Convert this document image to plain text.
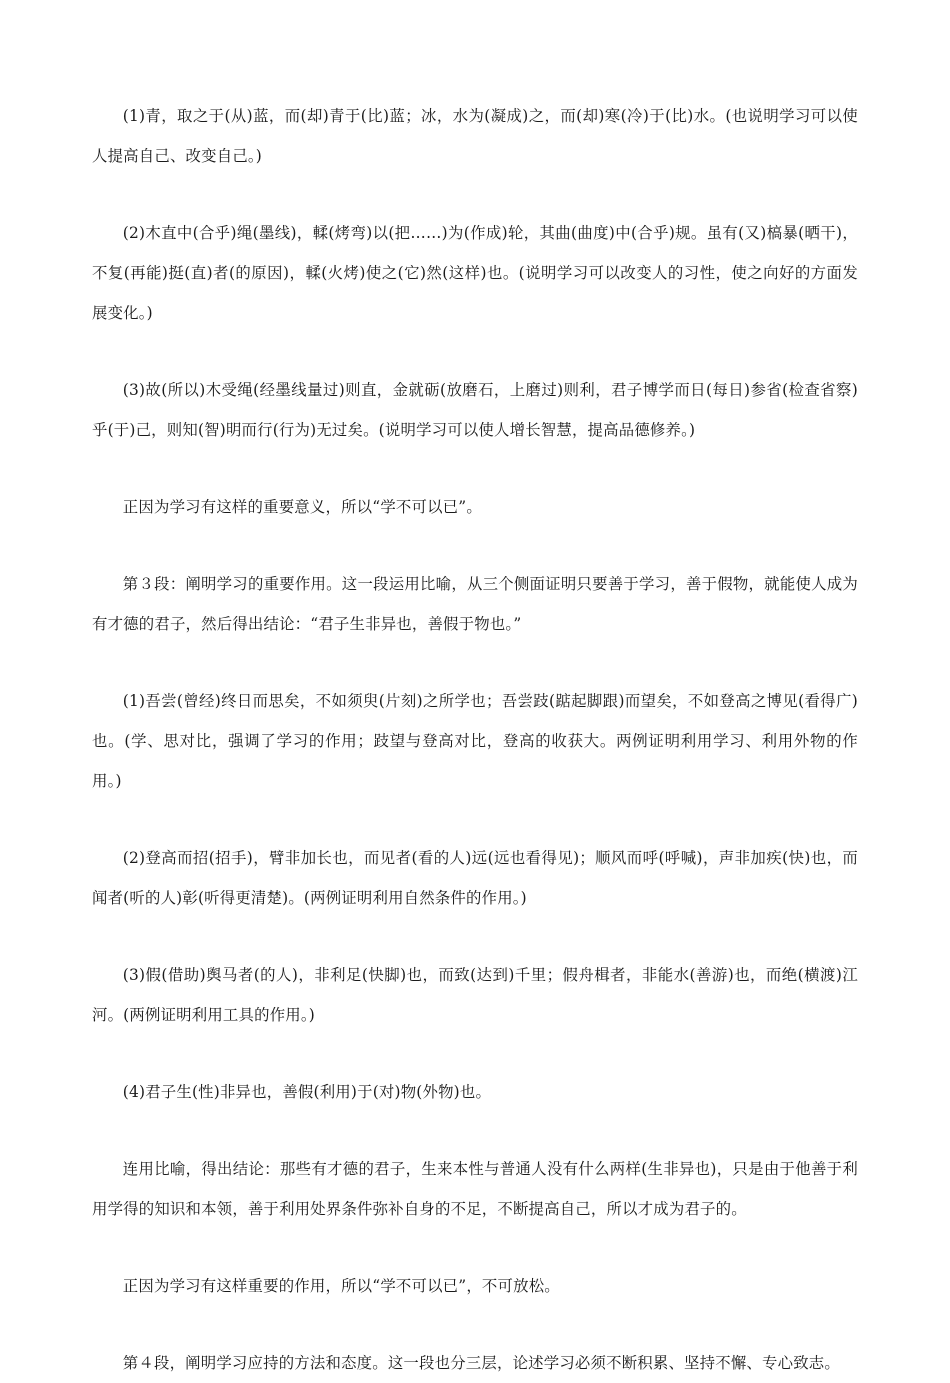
(1)青，取之于(从)蓝，而(却)青于(比)蓝；冰，水为(凝成)之，而(却)寒(冷)于(比)水。(也说明学习可以使人提高自己、改变自己。)

(2)木直中(合乎)绳(墨线)，輮(烤弯)以(把……)为(作成)轮，其曲(曲度)中(合乎)规。虽有(又)槁暴(晒干)，不复(再能)挺(直)者(的原因)，輮(火烤)使之(它)然(这样)也。(说明学习可以改变人的习性，使之向好的方面发展变化。)

(3)故(所以)木受绳(经墨线量过)则直，金就砺(放磨石，上磨过)则利，君子博学而日(每日)参省(检查省察)乎(于)己，则知(智)明而行(行为)无过矣。(说明学习可以使人增长智慧，提高品德修养。)

正因为学习有这样的重要意义，所以“学不可以已”。

第３段：阐明学习的重要作用。这一段运用比喻，从三个侧面证明只要善于学习，善于假物，就能使人成为有才德的君子，然后得出结论：“君子生非异也，善假于物也。”

(1)吾尝(曾经)终日而思矣，不如须臾(片刻)之所学也；吾尝跂(踮起脚跟)而望矣，不如登高之博见(看得广)也。(学、思对比，强调了学习的作用；跂望与登高对比，登高的收获大。两例证明利用学习、利用外物的作用。)

(2)登高而招(招手)，臂非加长也，而见者(看的人)远(远也看得见)；顺风而呼(呼喊)，声非加疾(快)也，而闻者(听的人)彰(听得更清楚)。(两例证明利用自然条件的作用。)

(3)假(借助)舆马者(的人)，非利足(快脚)也，而致(达到)千里；假舟楫者，非能水(善游)也，而绝(横渡)江河。(两例证明利用工具的作用。)

(4)君子生(性)非异也，善假(利用)于(对)物(外物)也。

连用比喻，得出结论：那些有才德的君子，生来本性与普通人没有什么两样(生非异也)，只是由于他善于利用学得的知识和本领，善于利用处界条件弥补自身的不足，不断提高自己，所以才成为君子的。

正因为学习有这样重要的作用，所以“学不可以已”，不可放松。

第４段，阐明学习应持的方法和态度。这一段也分三层，论述学习必须不断积累、坚持不懈、专心致志。
